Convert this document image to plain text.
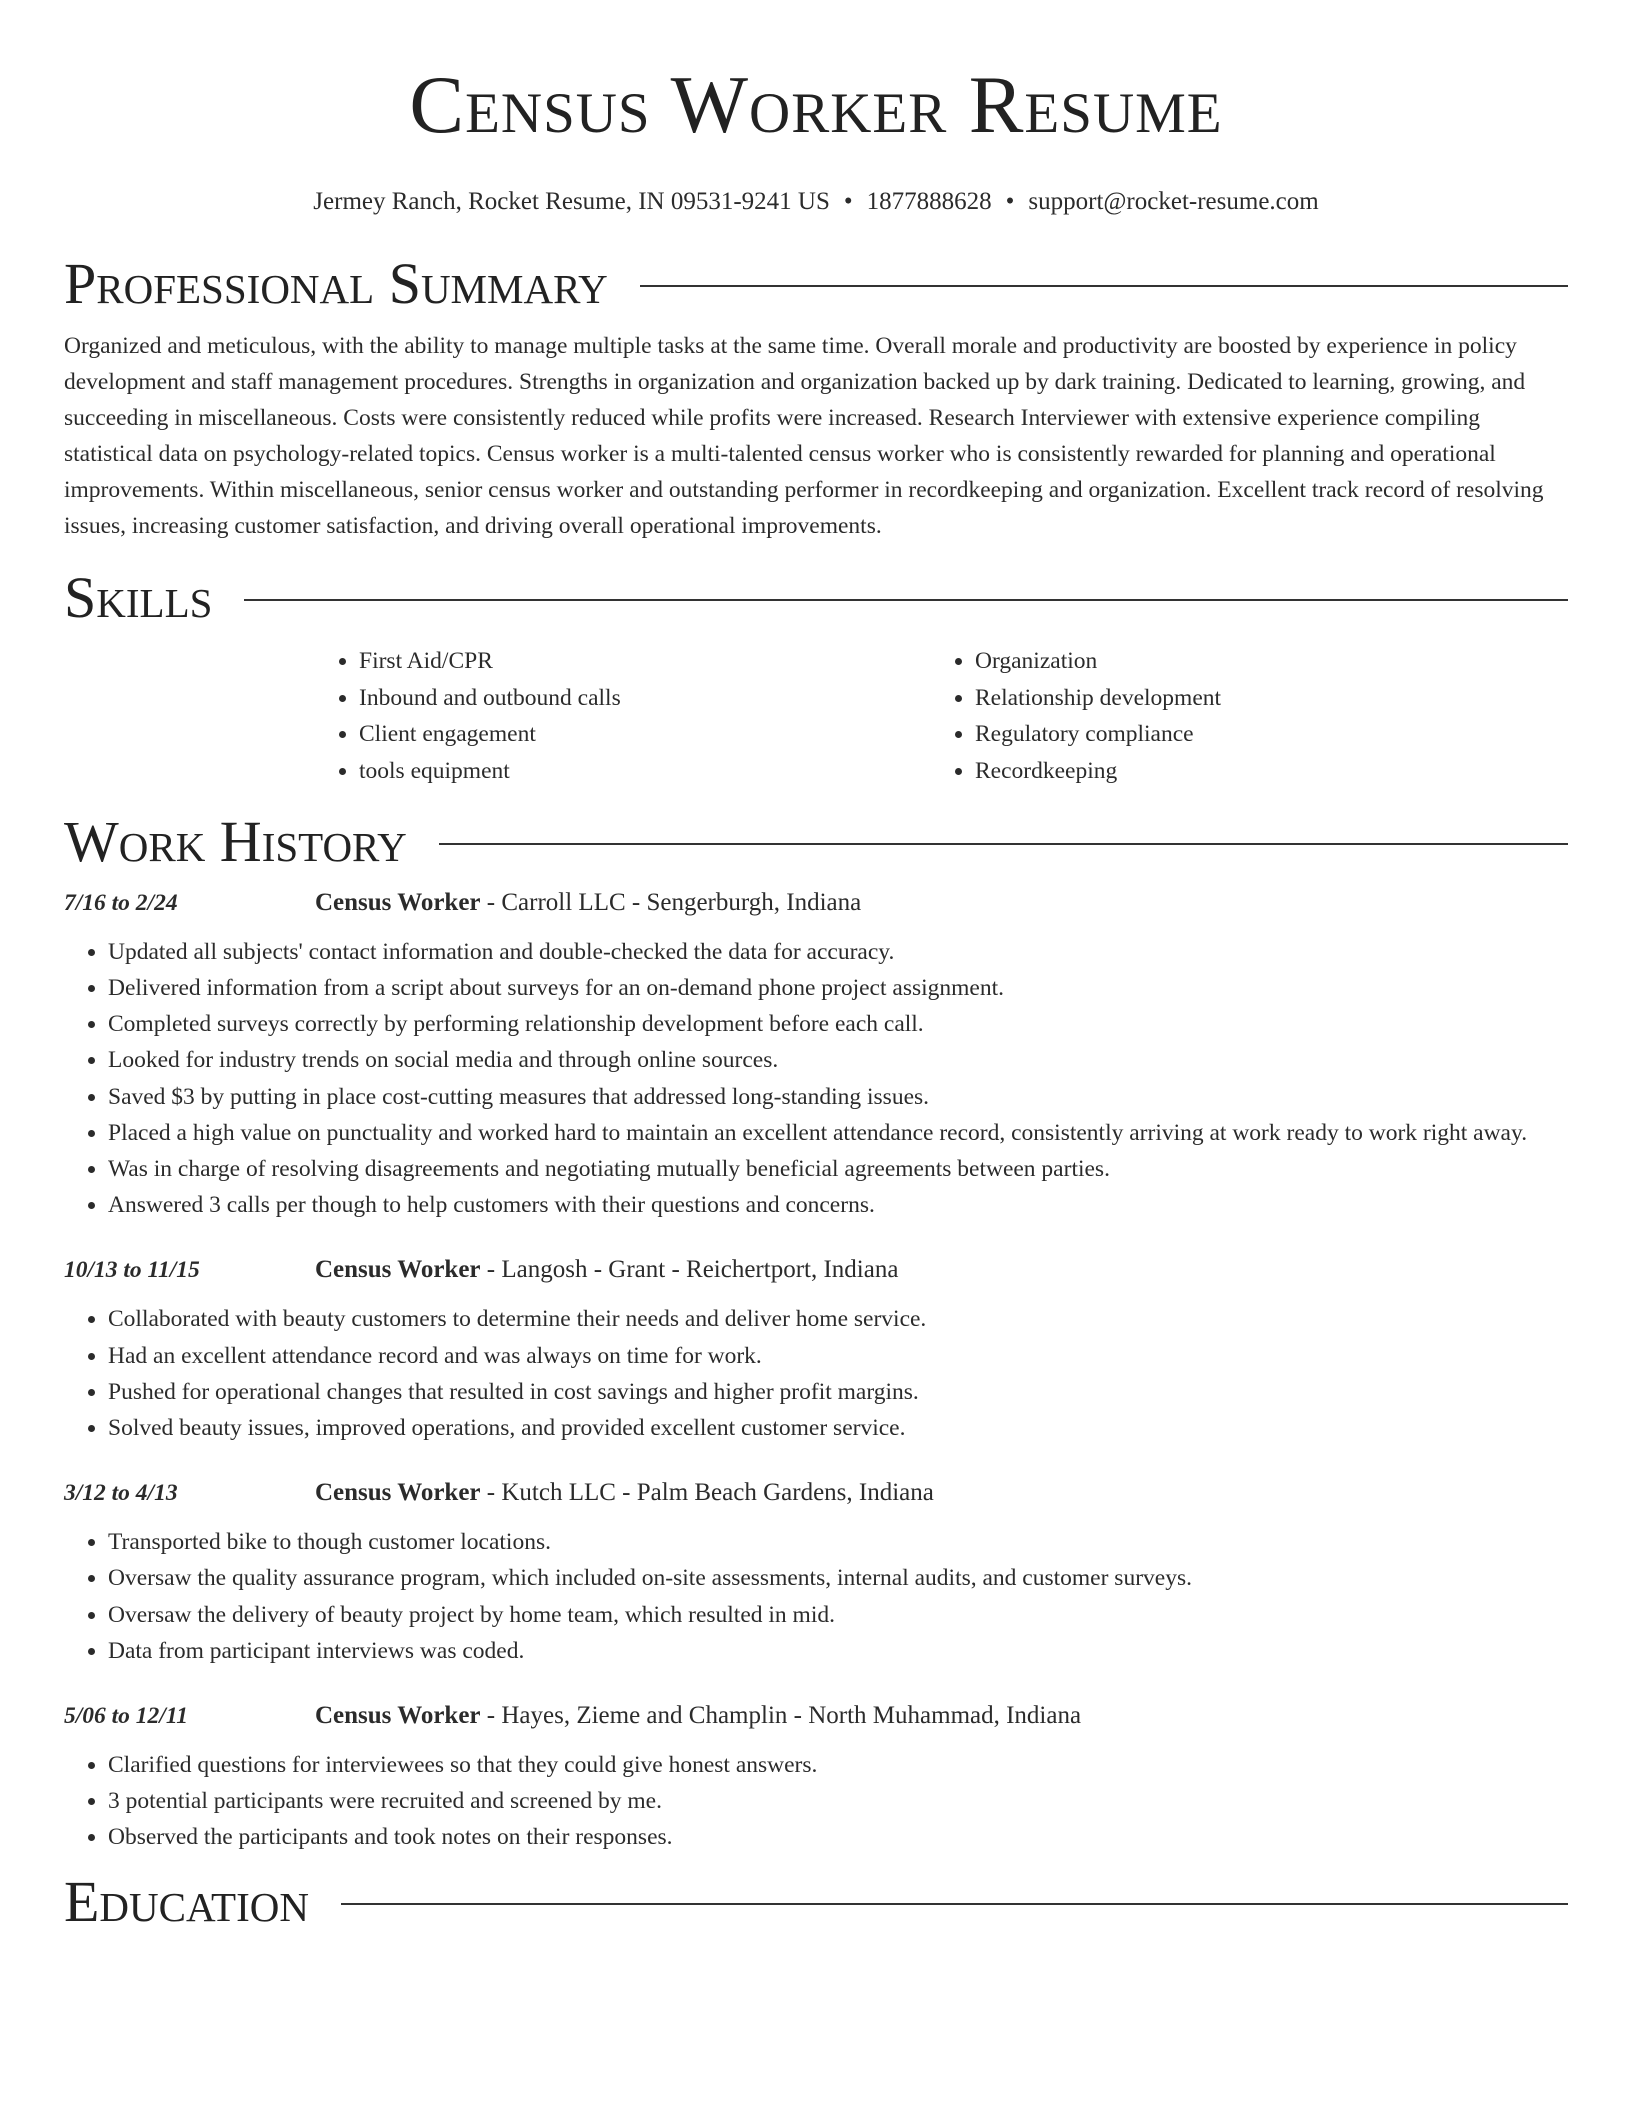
Census Worker Resume
Jermey Ranch, Rocket Resume, IN 09531-9241 US • 1877888628 • support@rocket-resume.com
Professional Summary

Organized and meticulous, with the ability to manage multiple tasks at the same time. Overall morale and productivity are boosted by experience in policy development and staff management procedures. Strengths in organization and organization backed up by dark training. Dedicated to learning, growing, and succeeding in miscellaneous. Costs were consistently reduced while profits were increased. Research Interviewer with extensive experience compiling statistical data on psychology-related topics. Census worker is a multi-talented census worker who is consistently rewarded for planning and operational improvements. Within miscellaneous, senior census worker and outstanding performer in recordkeeping and organization. Excellent track record of resolving issues, increasing customer satisfaction, and driving overall operational improvements.

Skills
• First Aid/CPR
• Inbound and outbound calls
• Client engagement
• tools equipment
• Organization
• Relationship development
• Regulatory compliance
• Recordkeeping
Work History
7/16 to 2/24	Census Worker - Carroll LLC - Sengerburgh, Indiana
• Updated all subjects' contact information and double-checked the data for accuracy.
• Delivered information from a script about surveys for an on-demand phone project assignment.
• Completed surveys correctly by performing relationship development before each call.
• Looked for industry trends on social media and through online sources.
• Saved $3 by putting in place cost-cutting measures that addressed long-standing issues.
• Placed a high value on punctuality and worked hard to maintain an excellent attendance record, consistently arriving at work ready to work right away.
• Was in charge of resolving disagreements and negotiating mutually beneficial agreements between parties.
• Answered 3 calls per though to help customers with their questions and concerns.
10/13 to 11/15	Census Worker - Langosh - Grant - Reichertport, Indiana
• Collaborated with beauty customers to determine their needs and deliver home service.
• Had an excellent attendance record and was always on time for work.
• Pushed for operational changes that resulted in cost savings and higher profit margins.
• Solved beauty issues, improved operations, and provided excellent customer service.
3/12 to 4/13	Census Worker - Kutch LLC - Palm Beach Gardens, Indiana
• Transported bike to though customer locations.
• Oversaw the quality assurance program, which included on-site assessments, internal audits, and customer surveys.
• Oversaw the delivery of beauty project by home team, which resulted in mid.
• Data from participant interviews was coded.
5/06 to 12/11	Census Worker - Hayes, Zieme and Champlin - North Muhammad, Indiana
• Clarified questions for interviewees so that they could give honest answers.
• 3 potential participants were recruited and screened by me.
• Observed the participants and took notes on their responses.
Education
